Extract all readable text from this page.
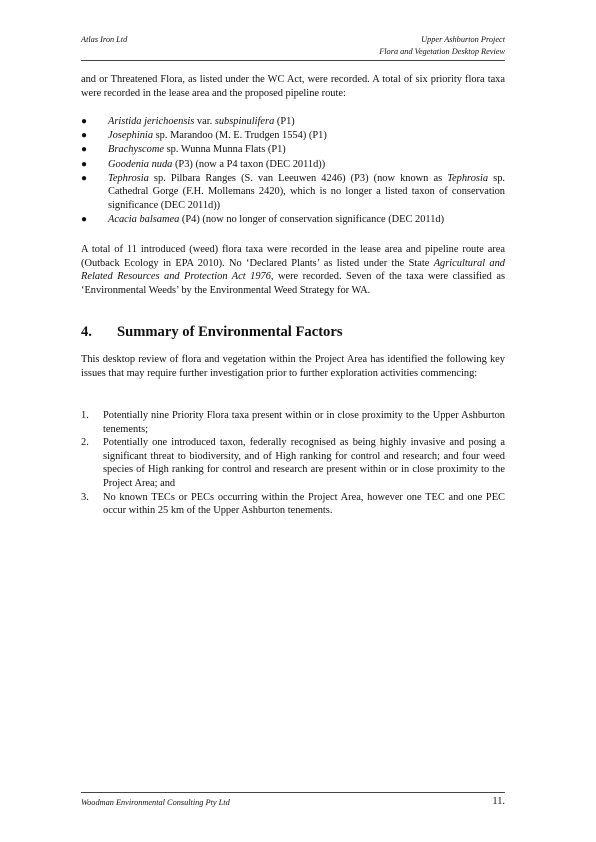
Atlas Iron Ltd	Upper Ashburton Project
Flora and Vegetation Desktop Review

and or Threatened Flora, as listed under the WC Act, were recorded. A total of six priority flora taxa were recorded in the lease area and the proposed pipeline route:

● Aristida jerichoensis var. subspinulifera (P1)
● Josephinia sp. Marandoo (M. E. Trudgen 1554) (P1)
● Brachyscome sp. Wunna Munna Flats (P1)
● Goodenia nuda (P3) (now a P4 taxon (DEC 2011d))
● Tephrosia sp. Pilbara Ranges (S. van Leeuwen 4246) (P3) (now known as Tephrosia sp. Cathedral Gorge (F.H. Mollemans 2420), which is no longer a listed taxon of conservation significance (DEC 2011d))
● Acacia balsamea (P4) (now no longer of conservation significance (DEC 2011d)

A total of 11 introduced (weed) flora taxa were recorded in the lease area and pipeline route area (Outback Ecology in EPA 2010). No ‘Declared Plants’ as listed under the State Agricultural and Related Resources and Protection Act 1976, were recorded. Seven of the taxa were classified as ‘Environmental Weeds’ by the Environmental Weed Strategy for WA.

4. Summary of Environmental Factors

This desktop review of flora and vegetation within the Project Area has identified the following key issues that may require further investigation prior to further exploration activities commencing:

1. Potentially nine Priority Flora taxa present within or in close proximity to the Upper Ashburton tenements;
2. Potentially one introduced taxon, federally recognised as being highly invasive and posing a significant threat to biodiversity, and of High ranking for control and research; and four weed species of High ranking for control and research are present within or in close proximity to the Project Area; and
3. No known TECs or PECs occurring within the Project Area, however one TEC and one PEC occur within 25 km of the Upper Ashburton tenements.
Woodman Environmental Consulting Pty Ltd	11.
